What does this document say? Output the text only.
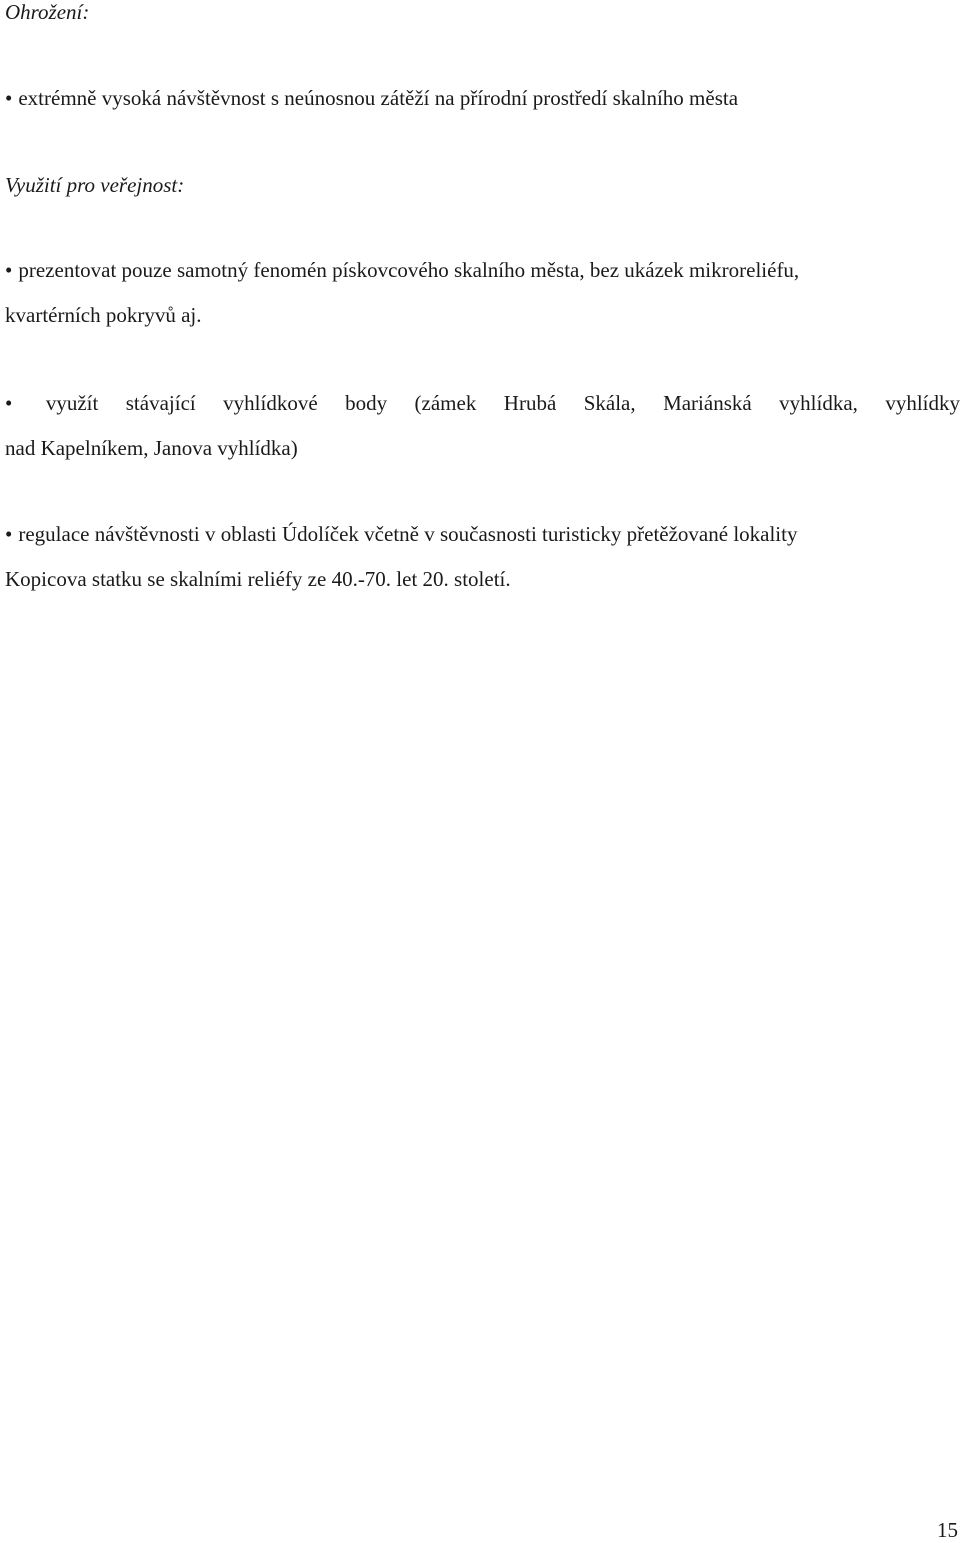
Ohrožení:
• extrémně vysoká návštěvnost s neúnosnou zátěží na přírodní prostředí skalního města
Využití pro veřejnost:
• prezentovat pouze samotný fenomén pískovcového skalního města, bez ukázek mikroreliéfu,
kvartérních pokryvů aj.
• využít stávající vyhlídkové body (zámek Hrubá Skála, Mariánská vyhlídka, vyhlídky
nad Kapelníkem, Janova vyhlídka)
• regulace návštěvnosti v oblasti Údolíček včetně v současnosti turisticky přetěžované lokality
Kopicova statku se skalními reliéfy ze 40.-70. let 20. století.
15
